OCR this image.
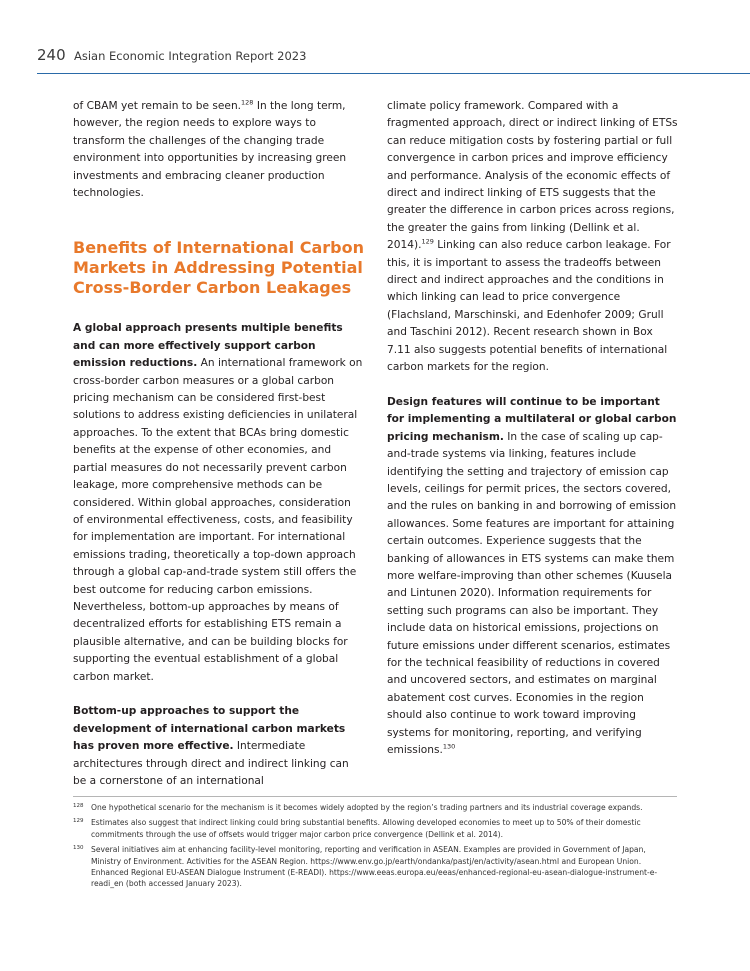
240 Asian Economic Integration Report 2023

of CBAM yet remain to be seen.$^{128}$ In the long term, however, the region needs to explore ways to transform the challenges of the changing trade environment into opportunities by increasing green investments and embracing cleaner production technologies.

Benefits of International Carbon Markets in Addressing Potential Cross-Border Carbon Leakages

A global approach presents multiple benefits and can more effectively support carbon emission reductions. An international framework on cross-border carbon measures or a global carbon pricing mechanism can be considered first-best solutions to address existing deficiencies in unilateral approaches. To the extent that BCAs bring domestic benefits at the expense of other economies, and partial measures do not necessarily prevent carbon leakage, more comprehensive methods can be considered. Within global approaches, consideration of environmental effectiveness, costs, and feasibility for implementation are important. For international emissions trading, theoretically a top-down approach through a global cap-and-trade system still offers the best outcome for reducing carbon emissions. Nevertheless, bottom-up approaches by means of decentralized efforts for establishing ETS remain a plausible alternative, and can be building blocks for supporting the eventual establishment of a global carbon market.

Bottom-up approaches to support the development of international carbon markets has proven more effective. Intermediate architectures through direct and indirect linking can be a cornerstone of an international

climate policy framework. Compared with a fragmented approach, direct or indirect linking of ETSs can reduce mitigation costs by fostering partial or full convergence in carbon prices and improve efficiency and performance. Analysis of the economic effects of direct and indirect linking of ETS suggests that the greater the difference in carbon prices across regions, the greater the gains from linking (Dellink et al. 2014).$^{129}$ Linking can also reduce carbon leakage. For this, it is important to assess the tradeoffs between direct and indirect approaches and the conditions in which linking can lead to price convergence (Flachsland, Marschinski, and Edenhofer 2009; Grull and Taschini 2012). Recent research shown in Box 7.11 also suggests potential benefits of international carbon markets for the region.

Design features will continue to be important for implementing a multilateral or global carbon pricing mechanism. In the case of scaling up cap-and-trade systems via linking, features include identifying the setting and trajectory of emission cap levels, ceilings for permit prices, the sectors covered, and the rules on banking in and borrowing of emission allowances. Some features are important for attaining certain outcomes. Experience suggests that the banking of allowances in ETS systems can make them more welfare-improving than other schemes (Kuusela and Lintunen 2020). Information requirements for setting such programs can also be important. They include data on historical emissions, projections on future emissions under different scenarios, estimates for the technical feasibility of reductions in covered and uncovered sectors, and estimates on marginal abatement cost curves. Economies in the region should also continue to work toward improving systems for monitoring, reporting, and verifying emissions.$^{130}$

128 One hypothetical scenario for the mechanism is it becomes widely adopted by the region’s trading partners and its industrial coverage expands.
129 Estimates also suggest that indirect linking could bring substantial benefits. Allowing developed economies to meet up to 50% of their domestic commitments through the use of offsets would trigger major carbon price convergence (Dellink et al. 2014).
130 Several initiatives aim at enhancing facility-level monitoring, reporting and verification in ASEAN. Examples are provided in Government of Japan, Ministry of Environment. Activities for the ASEAN Region. https://www.env.go.jp/earth/ondanka/pastj/en/activity/asean.html and European Union. Enhanced Regional EU-ASEAN Dialogue Instrument (E-READI). https://www.eeas.europa.eu/eeas/enhanced-regional-eu-asean-dialogue-instrument-e-readi_en (both accessed January 2023).
